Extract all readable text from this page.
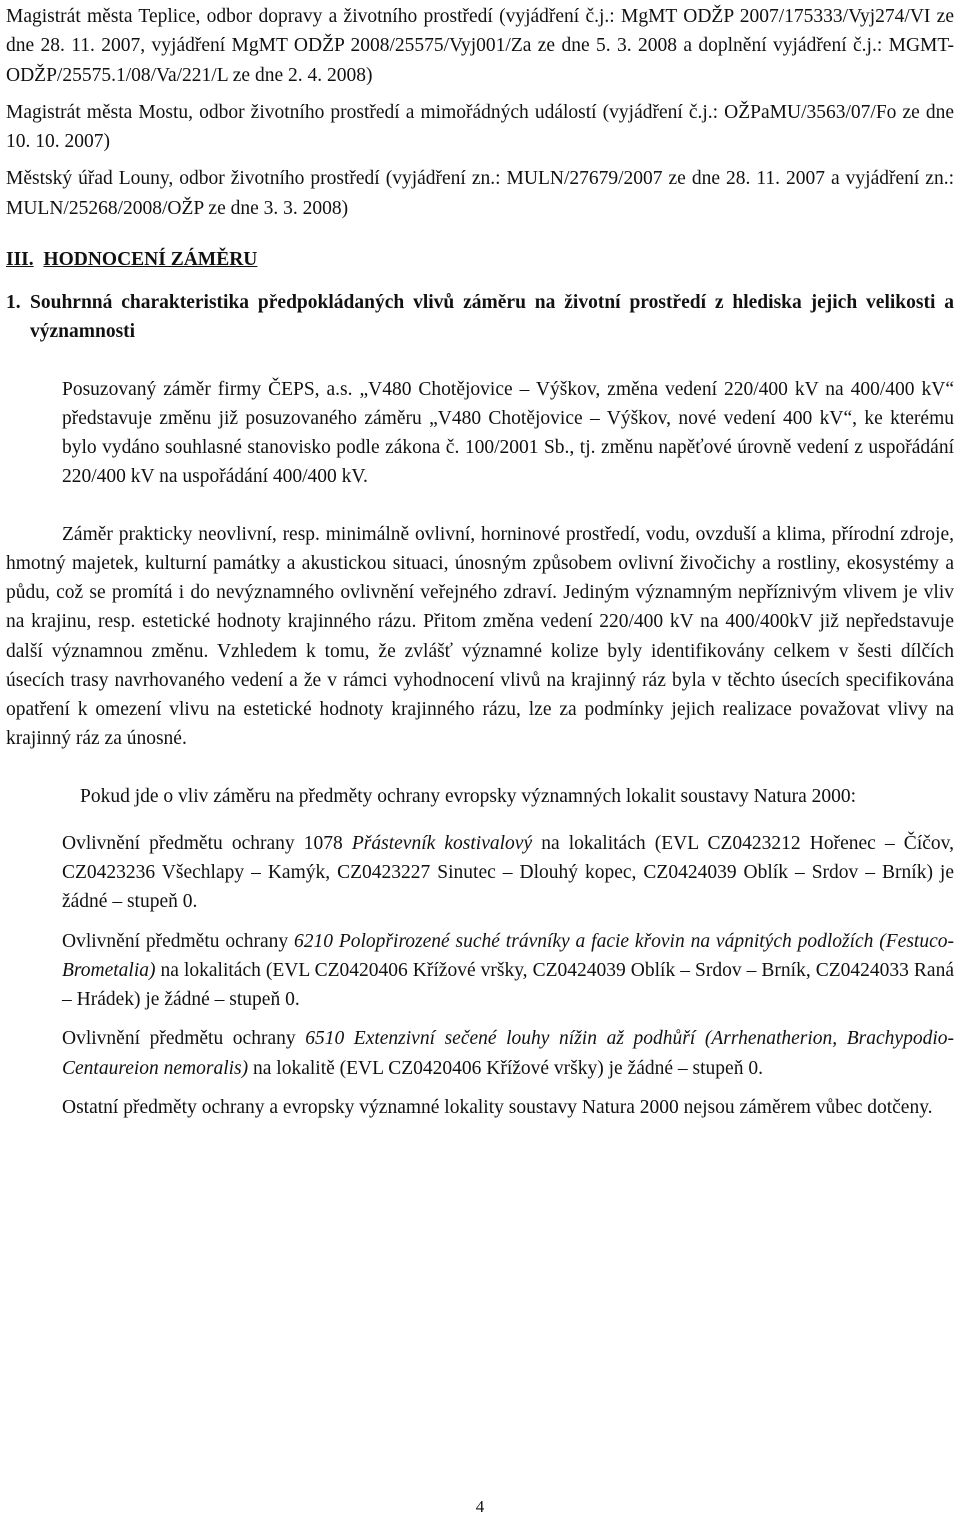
Magistrát města Teplice, odbor dopravy a životního prostředí (vyjádření č.j.: MgMT ODŽP 2007/175333/Vyj274/VI ze dne 28. 11. 2007, vyjádření MgMT ODŽP 2008/25575/Vyj001/Za ze dne 5. 3. 2008 a doplnění vyjádření č.j.: MGMT-ODŽP/25575.1/08/Va/221/L ze dne 2. 4. 2008)

Magistrát města Mostu, odbor životního prostředí a mimořádných událostí (vyjádření č.j.: OŽPaMU/3563/07/Fo ze dne 10. 10. 2007)

Městský úřad Louny, odbor životního prostředí (vyjádření zn.: MULN/27679/2007 ze dne 28. 11. 2007 a vyjádření zn.: MULN/25268/2008/OŽP ze dne 3. 3. 2008)

III. HODNOCENÍ ZÁMĚRU

1. Souhrnná charakteristika předpokládaných vlivů záměru na životní prostředí z hlediska jejich velikosti a významnosti

Posuzovaný záměr firmy ČEPS, a.s. „V480 Chotějovice – Výškov, změna vedení 220/400 kV na 400/400 kV“ představuje změnu již posuzovaného záměru „V480 Chotějovice – Výškov, nové vedení 400 kV“, ke kterému bylo vydáno souhlasné stanovisko podle zákona č. 100/2001 Sb., tj. změnu napěťové úrovně vedení z uspořádání 220/400 kV na uspořádání 400/400 kV.

Záměr prakticky neovlivní, resp. minimálně ovlivní, horninové prostředí, vodu, ovzduší a klima, přírodní zdroje, hmotný majetek, kulturní památky a akustickou situaci, únosným způsobem ovlivní živočichy a rostliny, ekosystémy a půdu, což se promítá i do nevýznamného ovlivnění veřejného zdraví. Jediným významným nepříznivým vlivem je vliv na krajinu, resp. estetické hodnoty krajinného rázu. Přitom změna vedení 220/400 kV na 400/400kV již nepředstavuje další významnou změnu. Vzhledem k tomu, že zvlášť významné kolize byly identifikovány celkem v šesti dílčích úsecích trasy navrhovaného vedení a že v rámci vyhodnocení vlivů na krajinný ráz byla v těchto úsecích specifikována opatření k omezení vlivu na estetické hodnoty krajinného rázu, lze za podmínky jejich realizace považovat vlivy na krajinný ráz za únosné.

Pokud jde o vliv záměru na předměty ochrany evropsky významných lokalit soustavy Natura 2000:

Ovlivnění předmětu ochrany 1078 Přástevník kostivalový na lokalitách (EVL CZ0423212 Hořenec – Číčov, CZ0423236 Všechlapy – Kamýk, CZ0423227 Sinutec – Dlouhý kopec, CZ0424039 Oblík – Srdov – Brník) je žádné – stupeň 0.

Ovlivnění předmětu ochrany 6210 Polopřirozené suché trávníky a facie křovin na vápnitých podložích (Festuco-Brometalia) na lokalitách (EVL CZ0420406 Křížové vršky, CZ0424039 Oblík – Srdov – Brník, CZ0424033 Raná – Hrádek) je žádné – stupeň 0.

Ovlivnění předmětu ochrany 6510 Extenzivní sečené louhy nížin až podhůří (Arrhenatherion, Brachypodio-Centaureion nemoralis) na lokalitě (EVL CZ0420406 Křížové vršky) je žádné – stupeň 0.

Ostatní předměty ochrany a evropsky významné lokality soustavy Natura 2000 nejsou záměrem vůbec dotčeny.

4
